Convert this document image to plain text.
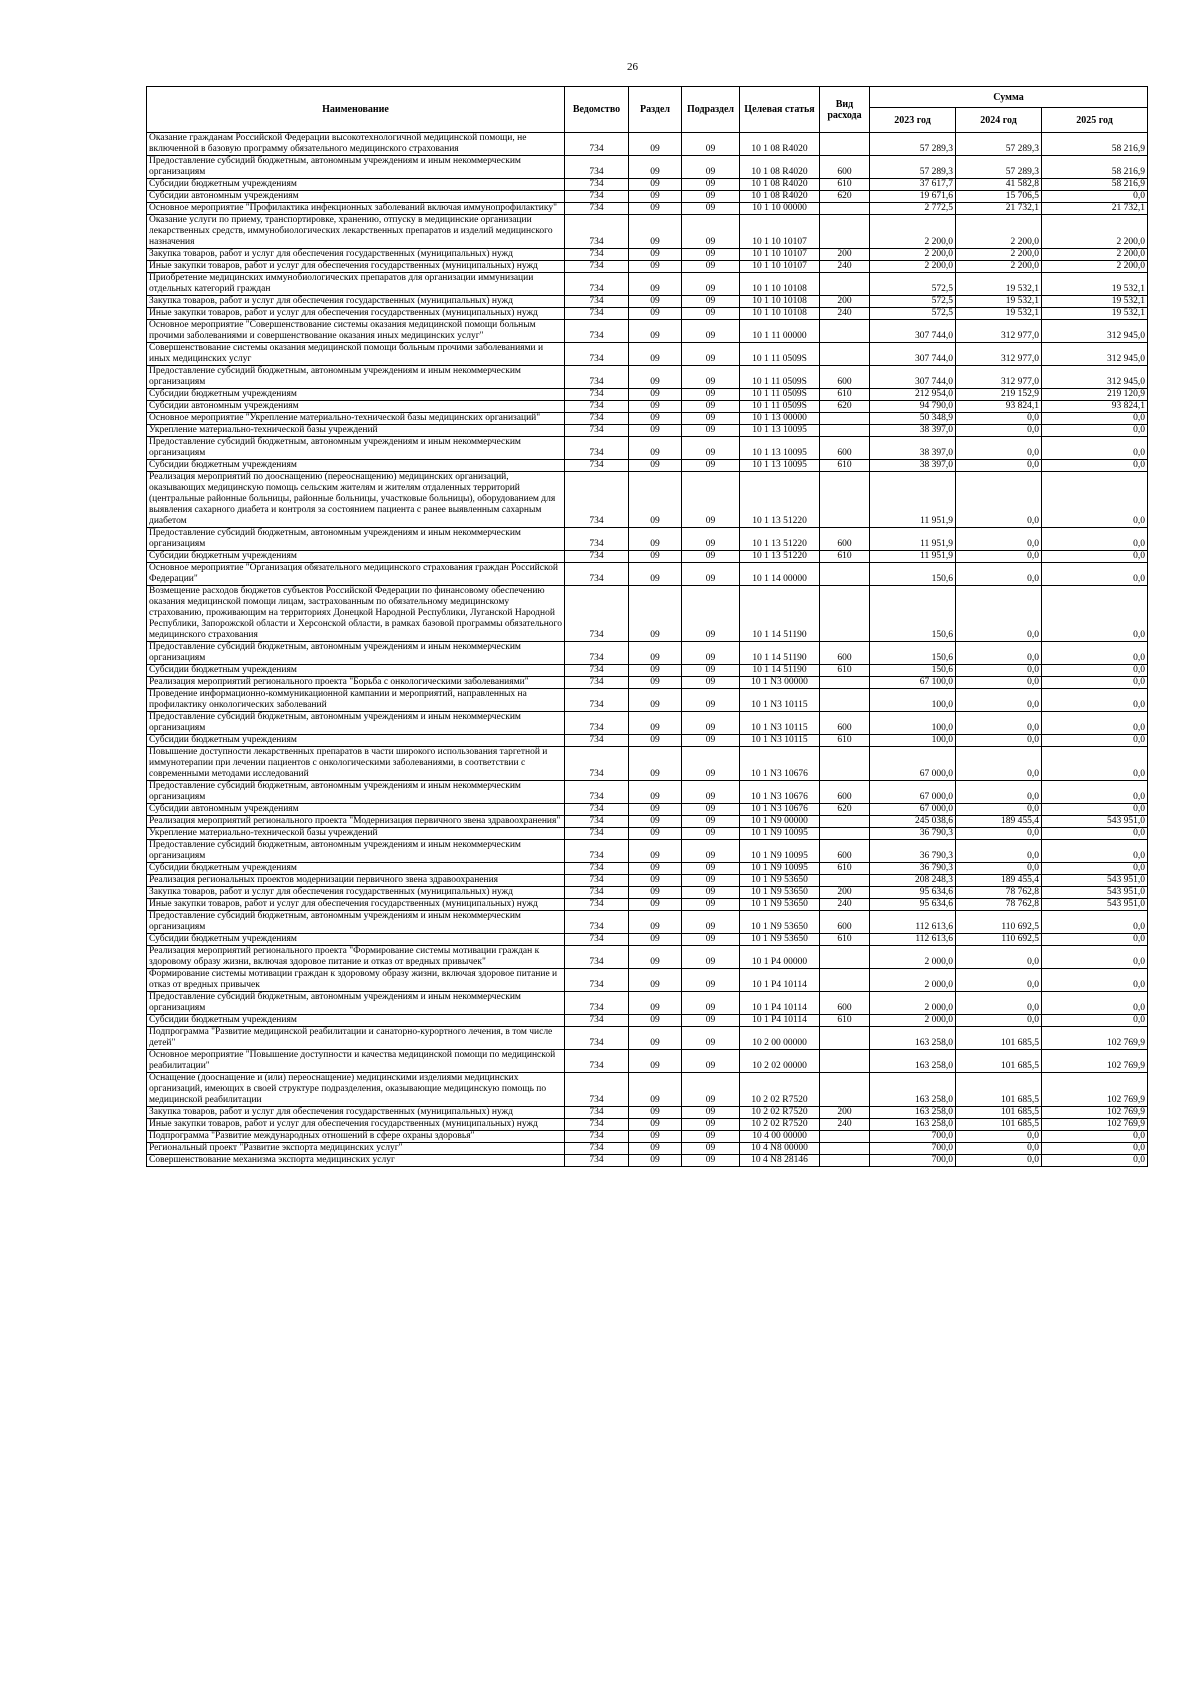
26
Наименование	Ведомство	Раздел	Подраздел	Целевая статья	Вид расхода	Сумма		
						2023 год	2024 год	2025 год
Оказание гражданам Российской Федерации высокотехнологичной медицинской помощи, не включенной в базовую программу обязательного медицинского страхования	734	09	09	10 1 08 R4020		57 289,3	57 289,3	58 216,9
Предоставление субсидий бюджетным, автономным учреждениям и иным некоммерческим организациям	734	09	09	10 1 08 R4020	600	57 289,3	57 289,3	58 216,9
Субсидии бюджетным учреждениям	734	09	09	10 1 08 R4020	610	37 617,7	41 582,8	58 216,9
Субсидии автономным учреждениям	734	09	09	10 1 08 R4020	620	19 671,6	15 706,5	0,0
Основное мероприятие "Профилактика инфекционных заболеваний включая иммунопрофилактику"	734	09	09	10 1 10 00000		2 772,5	21 732,1	21 732,1
Оказание услуги по приему, транспортировке, хранению, отпуску в медицинские организации лекарственных средств, иммунобиологических лекарственных препаратов и изделий медицинского назначения	734	09	09	10 1 10 10107		2 200,0	2 200,0	2 200,0
Закупка товаров, работ и услуг для обеспечения государственных (муниципальных) нужд	734	09	09	10 1 10 10107	200	2 200,0	2 200,0	2 200,0
Иные закупки товаров, работ и услуг для обеспечения государственных (муниципальных) нужд	734	09	09	10 1 10 10107	240	2 200,0	2 200,0	2 200,0
Приобретение медицинских иммунобиологических препаратов для организации иммунизации отдельных категорий граждан	734	09	09	10 1 10 10108		572,5	19 532,1	19 532,1
Закупка товаров, работ и услуг для обеспечения государственных (муниципальных) нужд	734	09	09	10 1 10 10108	200	572,5	19 532,1	19 532,1
Иные закупки товаров, работ и услуг для обеспечения государственных (муниципальных) нужд	734	09	09	10 1 10 10108	240	572,5	19 532,1	19 532,1
Основное мероприятие "Совершенствование системы оказания медицинской помощи больным прочими заболеваниями и совершенствование оказания иных медицинских услуг"	734	09	09	10 1 11 00000		307 744,0	312 977,0	312 945,0
Совершенствование системы оказания медицинской помощи больным прочими заболеваниями и иных медицинских услуг	734	09	09	10 1 11 0509S		307 744,0	312 977,0	312 945,0
Предоставление субсидий бюджетным, автономным учреждениям и иным некоммерческим организациям	734	09	09	10 1 11 0509S	600	307 744,0	312 977,0	312 945,0
Субсидии бюджетным учреждениям	734	09	09	10 1 11 0509S	610	212 954,0	219 152,9	219 120,9
Субсидии автономным учреждениям	734	09	09	10 1 11 0509S	620	94 790,0	93 824,1	93 824,1
Основное мероприятие "Укрепление материально-технической базы медицинских организаций"	734	09	09	10 1 13 00000		50 348,9	0,0	0,0
Укрепление материально-технической базы учреждений	734	09	09	10 1 13 10095		38 397,0	0,0	0,0
Предоставление субсидий бюджетным, автономным учреждениям и иным некоммерческим организациям	734	09	09	10 1 13 10095	600	38 397,0	0,0	0,0
Субсидии бюджетным учреждениям	734	09	09	10 1 13 10095	610	38 397,0	0,0	0,0
Реализация мероприятий по дооснащению (переоснащению) медицинских организаций, оказывающих медицинскую помощь сельским жителям и жителям отдаленных территорий (центральные районные больницы, районные больницы, участковые больницы), оборудованием для выявления сахарного диабета и контроля за состоянием пациента с ранее выявленным сахарным диабетом	734	09	09	10 1 13 51220		11 951,9	0,0	0,0
Предоставление субсидий бюджетным, автономным учреждениям и иным некоммерческим организациям	734	09	09	10 1 13 51220	600	11 951,9	0,0	0,0
Субсидии бюджетным учреждениям	734	09	09	10 1 13 51220	610	11 951,9	0,0	0,0
Основное мероприятие "Организация обязательного медицинского страхования граждан Российской Федерации"	734	09	09	10 1 14 00000		150,6	0,0	0,0
Возмещение расходов бюджетов субъектов Российской Федерации по финансовому обеспечению оказания медицинской помощи лицам, застрахованным по обязательному медицинскому страхованию, проживающим на территориях Донецкой Народной Республики, Луганской Народной Республики, Запорожской области и Херсонской области, в рамках базовой программы обязательного медицинского страхования	734	09	09	10 1 14 51190		150,6	0,0	0,0
Предоставление субсидий бюджетным, автономным учреждениям и иным некоммерческим организациям	734	09	09	10 1 14 51190	600	150,6	0,0	0,0
Субсидии бюджетным учреждениям	734	09	09	10 1 14 51190	610	150,6	0,0	0,0
Реализация мероприятий регионального проекта "Борьба с онкологическими заболеваниями"	734	09	09	10 1 N3 00000		67 100,0	0,0	0,0
Проведение информационно-коммуникационной кампании и мероприятий, направленных на профилактику онкологических заболеваний	734	09	09	10 1 N3 10115		100,0	0,0	0,0
Предоставление субсидий бюджетным, автономным учреждениям и иным некоммерческим организациям	734	09	09	10 1 N3 10115	600	100,0	0,0	0,0
Субсидии бюджетным учреждениям	734	09	09	10 1 N3 10115	610	100,0	0,0	0,0
Повышение доступности лекарственных препаратов в части широкого использования таргетной и иммунотерапии при лечении пациентов с онкологическими заболеваниями, в соответствии с современными методами исследований	734	09	09	10 1 N3 10676		67 000,0	0,0	0,0
Предоставление субсидий бюджетным, автономным учреждениям и иным некоммерческим организациям	734	09	09	10 1 N3 10676	600	67 000,0	0,0	0,0
Субсидии автономным учреждениям	734	09	09	10 1 N3 10676	620	67 000,0	0,0	0,0
Реализация мероприятий регионального проекта "Модернизация первичного звена здравоохранения"	734	09	09	10 1 N9 00000		245 038,6	189 455,4	543 951,0
Укрепление материально-технической базы учреждений	734	09	09	10 1 N9 10095		36 790,3	0,0	0,0
Предоставление субсидий бюджетным, автономным учреждениям и иным некоммерческим организациям	734	09	09	10 1 N9 10095	600	36 790,3	0,0	0,0
Субсидии бюджетным учреждениям	734	09	09	10 1 N9 10095	610	36 790,3	0,0	0,0
Реализация региональных проектов модернизации первичного звена здравоохранения	734	09	09	10 1 N9 53650		208 248,3	189 455,4	543 951,0
Закупка товаров, работ и услуг для обеспечения государственных (муниципальных) нужд	734	09	09	10 1 N9 53650	200	95 634,6	78 762,8	543 951,0
Иные закупки товаров, работ и услуг для обеспечения государственных (муниципальных) нужд	734	09	09	10 1 N9 53650	240	95 634,6	78 762,8	543 951,0
Предоставление субсидий бюджетным, автономным учреждениям и иным некоммерческим организациям	734	09	09	10 1 N9 53650	600	112 613,6	110 692,5	0,0
Субсидии бюджетным учреждениям	734	09	09	10 1 N9 53650	610	112 613,6	110 692,5	0,0
Реализация мероприятий регионального проекта "Формирование системы мотивации граждан к здоровому образу жизни, включая здоровое питание и отказ от вредных привычек"	734	09	09	10 1 P4 00000		2 000,0	0,0	0,0
Формирование системы мотивации граждан к здоровому образу жизни, включая здоровое питание и отказ от вредных привычек	734	09	09	10 1 P4 10114		2 000,0	0,0	0,0
Предоставление субсидий бюджетным, автономным учреждениям и иным некоммерческим организациям	734	09	09	10 1 P4 10114	600	2 000,0	0,0	0,0
Субсидии бюджетным учреждениям	734	09	09	10 1 P4 10114	610	2 000,0	0,0	0,0
Подпрограмма "Развитие медицинской реабилитации и санаторно-курортного лечения, в том числе детей"	734	09	09	10 2 00 00000		163 258,0	101 685,5	102 769,9
Основное мероприятие "Повышение доступности и качества медицинской помощи по медицинской реабилитации"	734	09	09	10 2 02 00000		163 258,0	101 685,5	102 769,9
Оснащение (дооснащение и (или) переоснащение) медицинскими изделиями медицинских организаций, имеющих в своей структуре подразделения, оказывающие медицинскую помощь по медицинской реабилитации	734	09	09	10 2 02 R7520		163 258,0	101 685,5	102 769,9
Закупка товаров, работ и услуг для обеспечения государственных (муниципальных) нужд	734	09	09	10 2 02 R7520	200	163 258,0	101 685,5	102 769,9
Иные закупки товаров, работ и услуг для обеспечения государственных (муниципальных) нужд	734	09	09	10 2 02 R7520	240	163 258,0	101 685,5	102 769,9
Подпрограмма "Развитие международных отношений в сфере охраны здоровья"	734	09	09	10 4 00 00000		700,0	0,0	0,0
Региональный проект "Развитие экспорта медицинских услуг"	734	09	09	10 4 N8 00000		700,0	0,0	0,0
Совершенствование механизма экспорта медицинских услуг	734	09	09	10 4 N8 28146		700,0	0,0	0,0
